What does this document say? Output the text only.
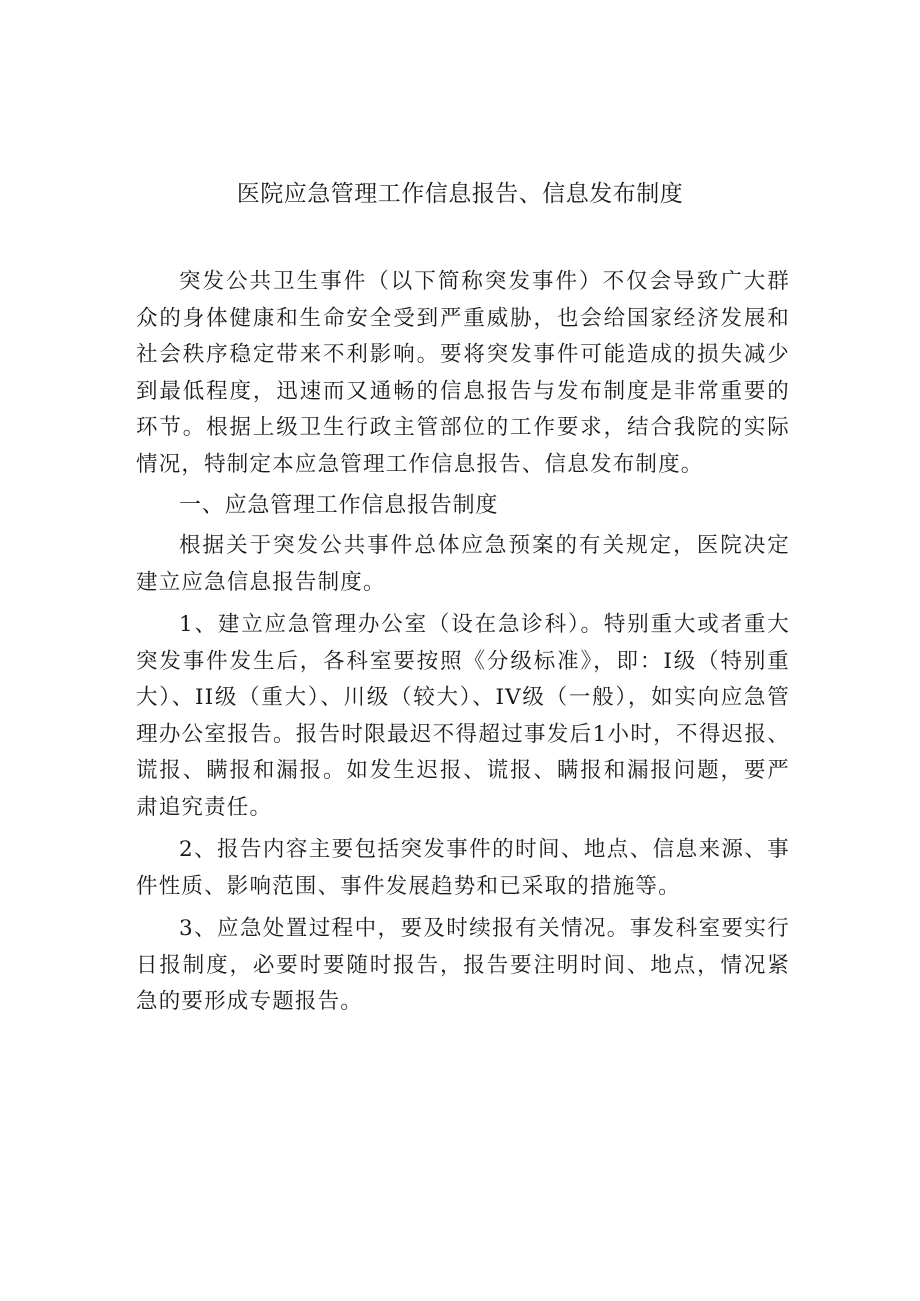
医院应急管理工作信息报告、信息发布制度

突发公共卫生事件（以下简称突发事件）不仅会导致广大群众的身体健康和生命安全受到严重威胁，也会给国家经济发展和社会秩序稳定带来不利影响。要将突发事件可能造成的损失减少到最低程度，迅速而又通畅的信息报告与发布制度是非常重要的环节。根据上级卫生行政主管部位的工作要求，结合我院的实际情况，特制定本应急管理工作信息报告、信息发布制度。

一、应急管理工作信息报告制度

根据关于突发公共事件总体应急预案的有关规定，医院决定建立应急信息报告制度。

1、建立应急管理办公室（设在急诊科）。特别重大或者重大突发事件发生后，各科室要按照《分级标准》，即：I级（特别重大）、II级（重大）、川级（较大）、IV级（一般），如实向应急管理办公室报告。报告时限最迟不得超过事发后1小时，不得迟报、谎报、瞒报和漏报。如发生迟报、谎报、瞒报和漏报问题，要严肃追究责任。

2、报告内容主要包括突发事件的时间、地点、信息来源、事件性质、影响范围、事件发展趋势和已采取的措施等。

3、应急处置过程中，要及时续报有关情况。事发科室要实行日报制度，必要时要随时报告，报告要注明时间、地点，情况紧急的要形成专题报告。
